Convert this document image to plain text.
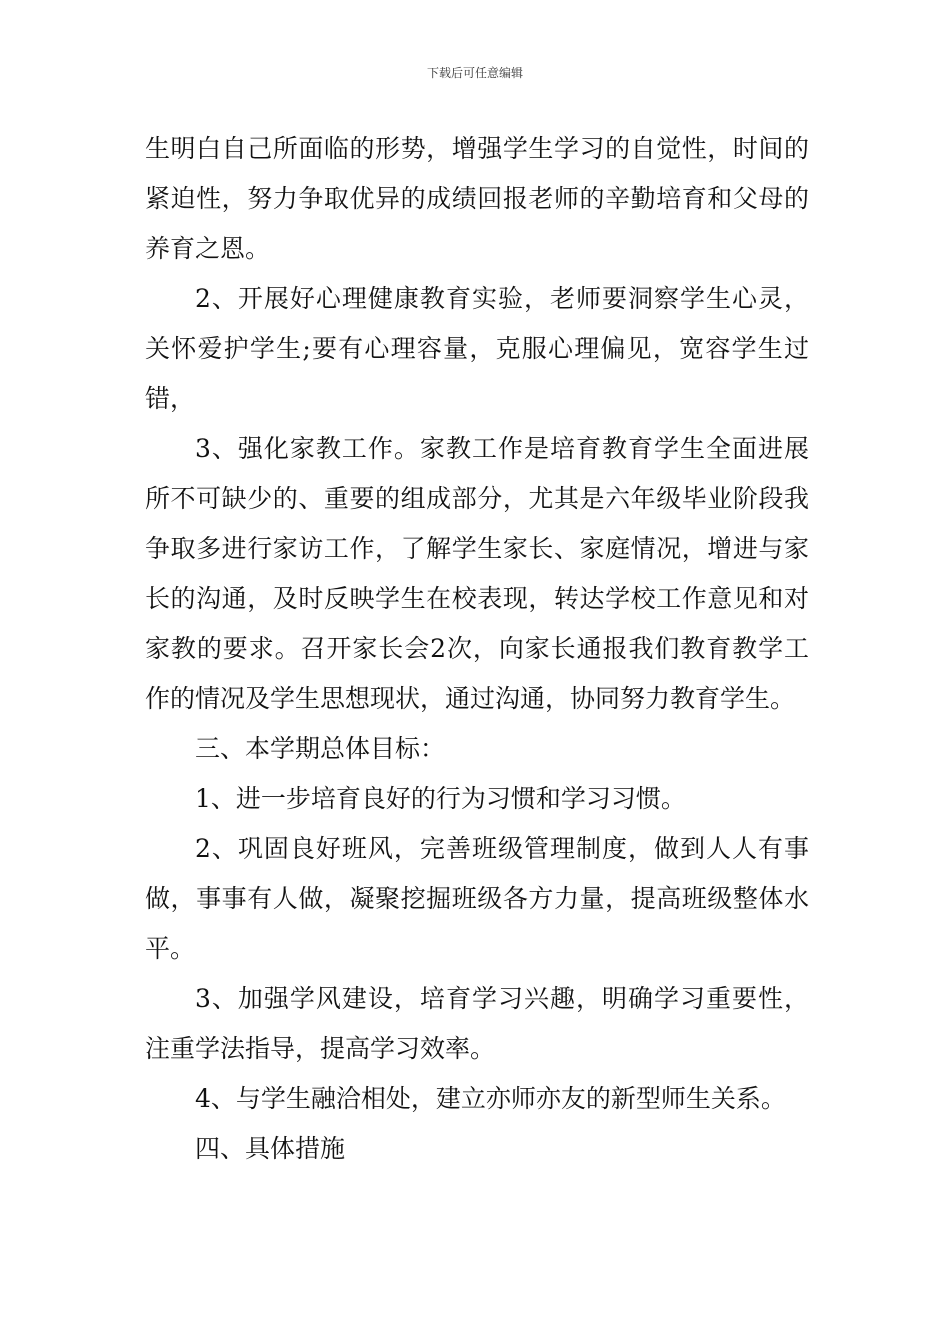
下载后可任意编辑

生明白自己所面临的形势，增强学生学习的自觉性，时间的紧迫性，努力争取优异的成绩回报老师的辛勤培育和父母的养育之恩。

2、开展好心理健康教育实验，老师要洞察学生心灵，关怀爱护学生;要有心理容量，克服心理偏见，宽容学生过错，

3、强化家教工作。家教工作是培育教育学生全面进展所不可缺少的、重要的组成部分，尤其是六年级毕业阶段我争取多进行家访工作，了解学生家长、家庭情况，增进与家长的沟通，及时反映学生在校表现，转达学校工作意见和对家教的要求。召开家长会2次，向家长通报我们教育教学工作的情况及学生思想现状，通过沟通，协同努力教育学生。

三、本学期总体目标：

1、进一步培育良好的行为习惯和学习习惯。

2、巩固良好班风，完善班级管理制度，做到人人有事做，事事有人做，凝聚挖掘班级各方力量，提高班级整体水平。

3、加强学风建设，培育学习兴趣，明确学习重要性，注重学法指导，提高学习效率。

4、与学生融洽相处，建立亦师亦友的新型师生关系。

四、具体措施
